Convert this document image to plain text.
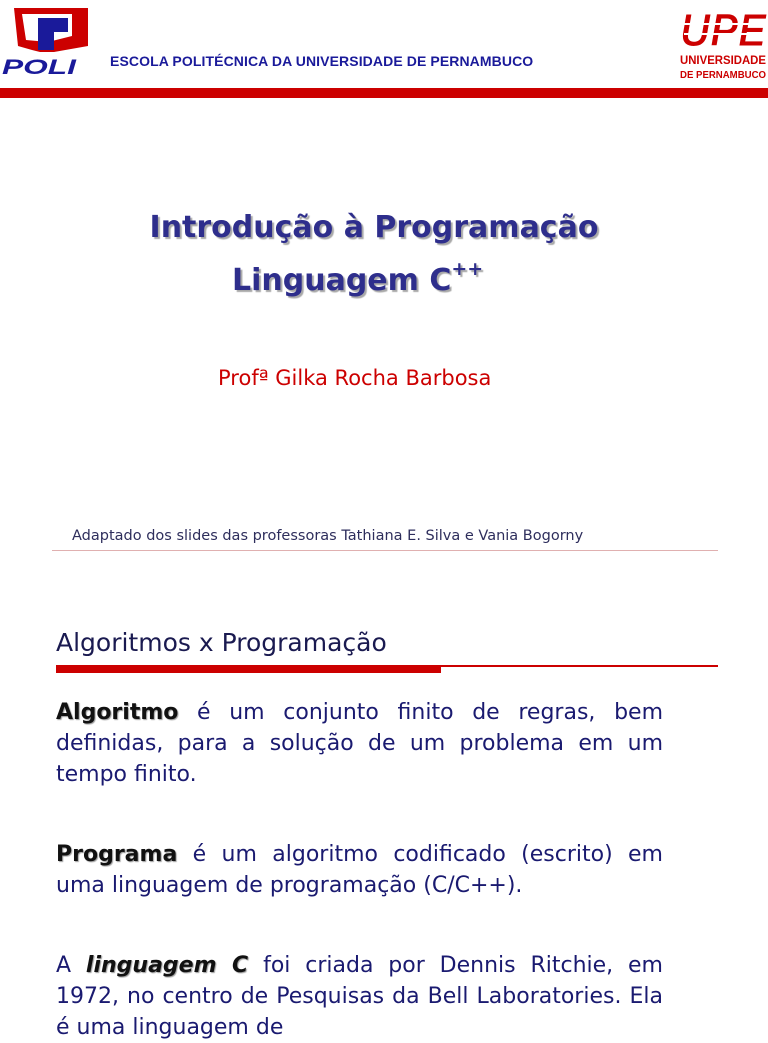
POLI ESCOLA POLITÉCNICA DA UNIVERSIDADE DE PERNAMBUCO
UPE
UNIVERSIDADE
DE PERNAMBUCO
Introdução à Programação
Linguagem C++
Profª Gilka Rocha Barbosa
Adaptado dos slides das professoras Tathiana E. Silva e Vania Bogorny
Algoritmos x Programação

Algoritmo é um conjunto finito de regras, bem definidas, para a solução de um problema em um tempo finito.

Programa é um algoritmo codificado (escrito) em uma linguagem de programação (C/C++).

A linguagem C foi criada por Dennis Ritchie, em 1972, no centro de Pesquisas da Bell Laboratories. Ela é uma linguagem de
